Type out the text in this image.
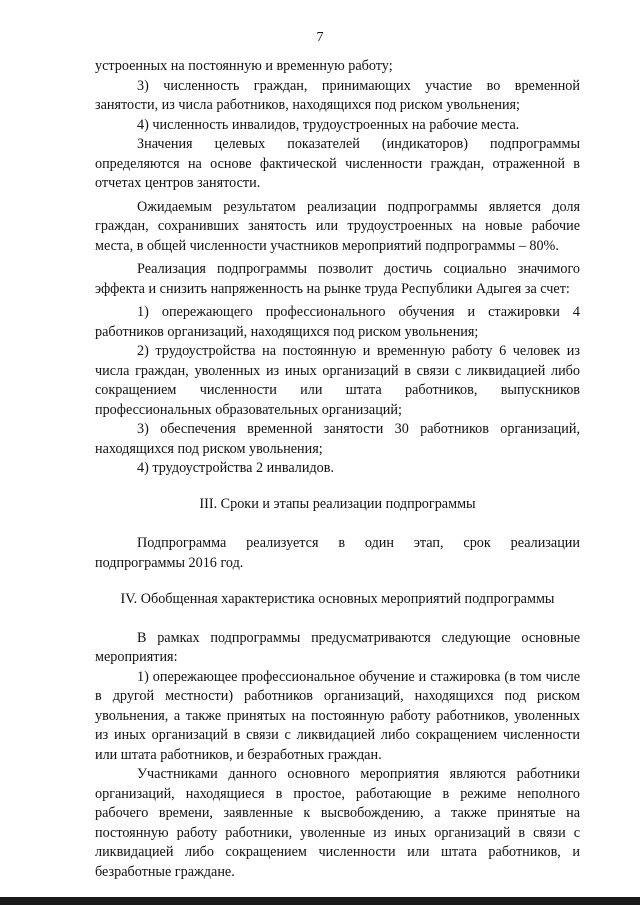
7

устроенных на постоянную и временную работу;

3) численность граждан, принимающих участие во временной занятости, из числа работников, находящихся под риском увольнения;

4) численность инвалидов, трудоустроенных на рабочие места.

Значения целевых показателей (индикаторов) подпрограммы определяются на основе фактической численности граждан, отраженной в отчетах центров занятости.

Ожидаемым результатом реализации подпрограммы является доля граждан, сохранивших занятость или трудоустроенных на новые рабочие места, в общей численности участников мероприятий подпрограммы – 80%.

Реализация подпрограммы позволит достичь социально значимого эффекта и снизить напряженность на рынке труда Республики Адыгея за счет:

1) опережающего профессионального обучения и стажировки 4 работников организаций, находящихся под риском увольнения;

2) трудоустройства на постоянную и временную работу 6 человек из числа граждан, уволенных из иных организаций в связи с ликвидацией либо сокращением численности или штата работников, выпускников профессиональных образовательных организаций;

3) обеспечения временной занятости 30 работников организаций, находящихся под риском увольнения;

4) трудоустройства 2 инвалидов.

III. Сроки и этапы реализации подпрограммы

Подпрограмма реализуется в один этап, срок реализации

подпрограммы 2016 год.

IV. Обобщенная характеристика основных мероприятий подпрограммы

В рамках подпрограммы предусматриваются следующие основные мероприятия:

1) опережающее профессиональное обучение и стажировка (в том числе в другой местности) работников организаций, находящихся под риском увольнения, а также принятых на постоянную работу работников, уволенных из иных организаций в связи с ликвидацией либо сокращением численности или штата работников, и безработных граждан.

Участниками данного основного мероприятия являются работники организаций, находящиеся в простое, работающие в режиме неполного рабочего времени, заявленные к высвобождению, а также принятые на постоянную работу работники, уволенные из иных организаций в связи с ликвидацией либо сокращением численности или штата работников, и безработные граждане.
